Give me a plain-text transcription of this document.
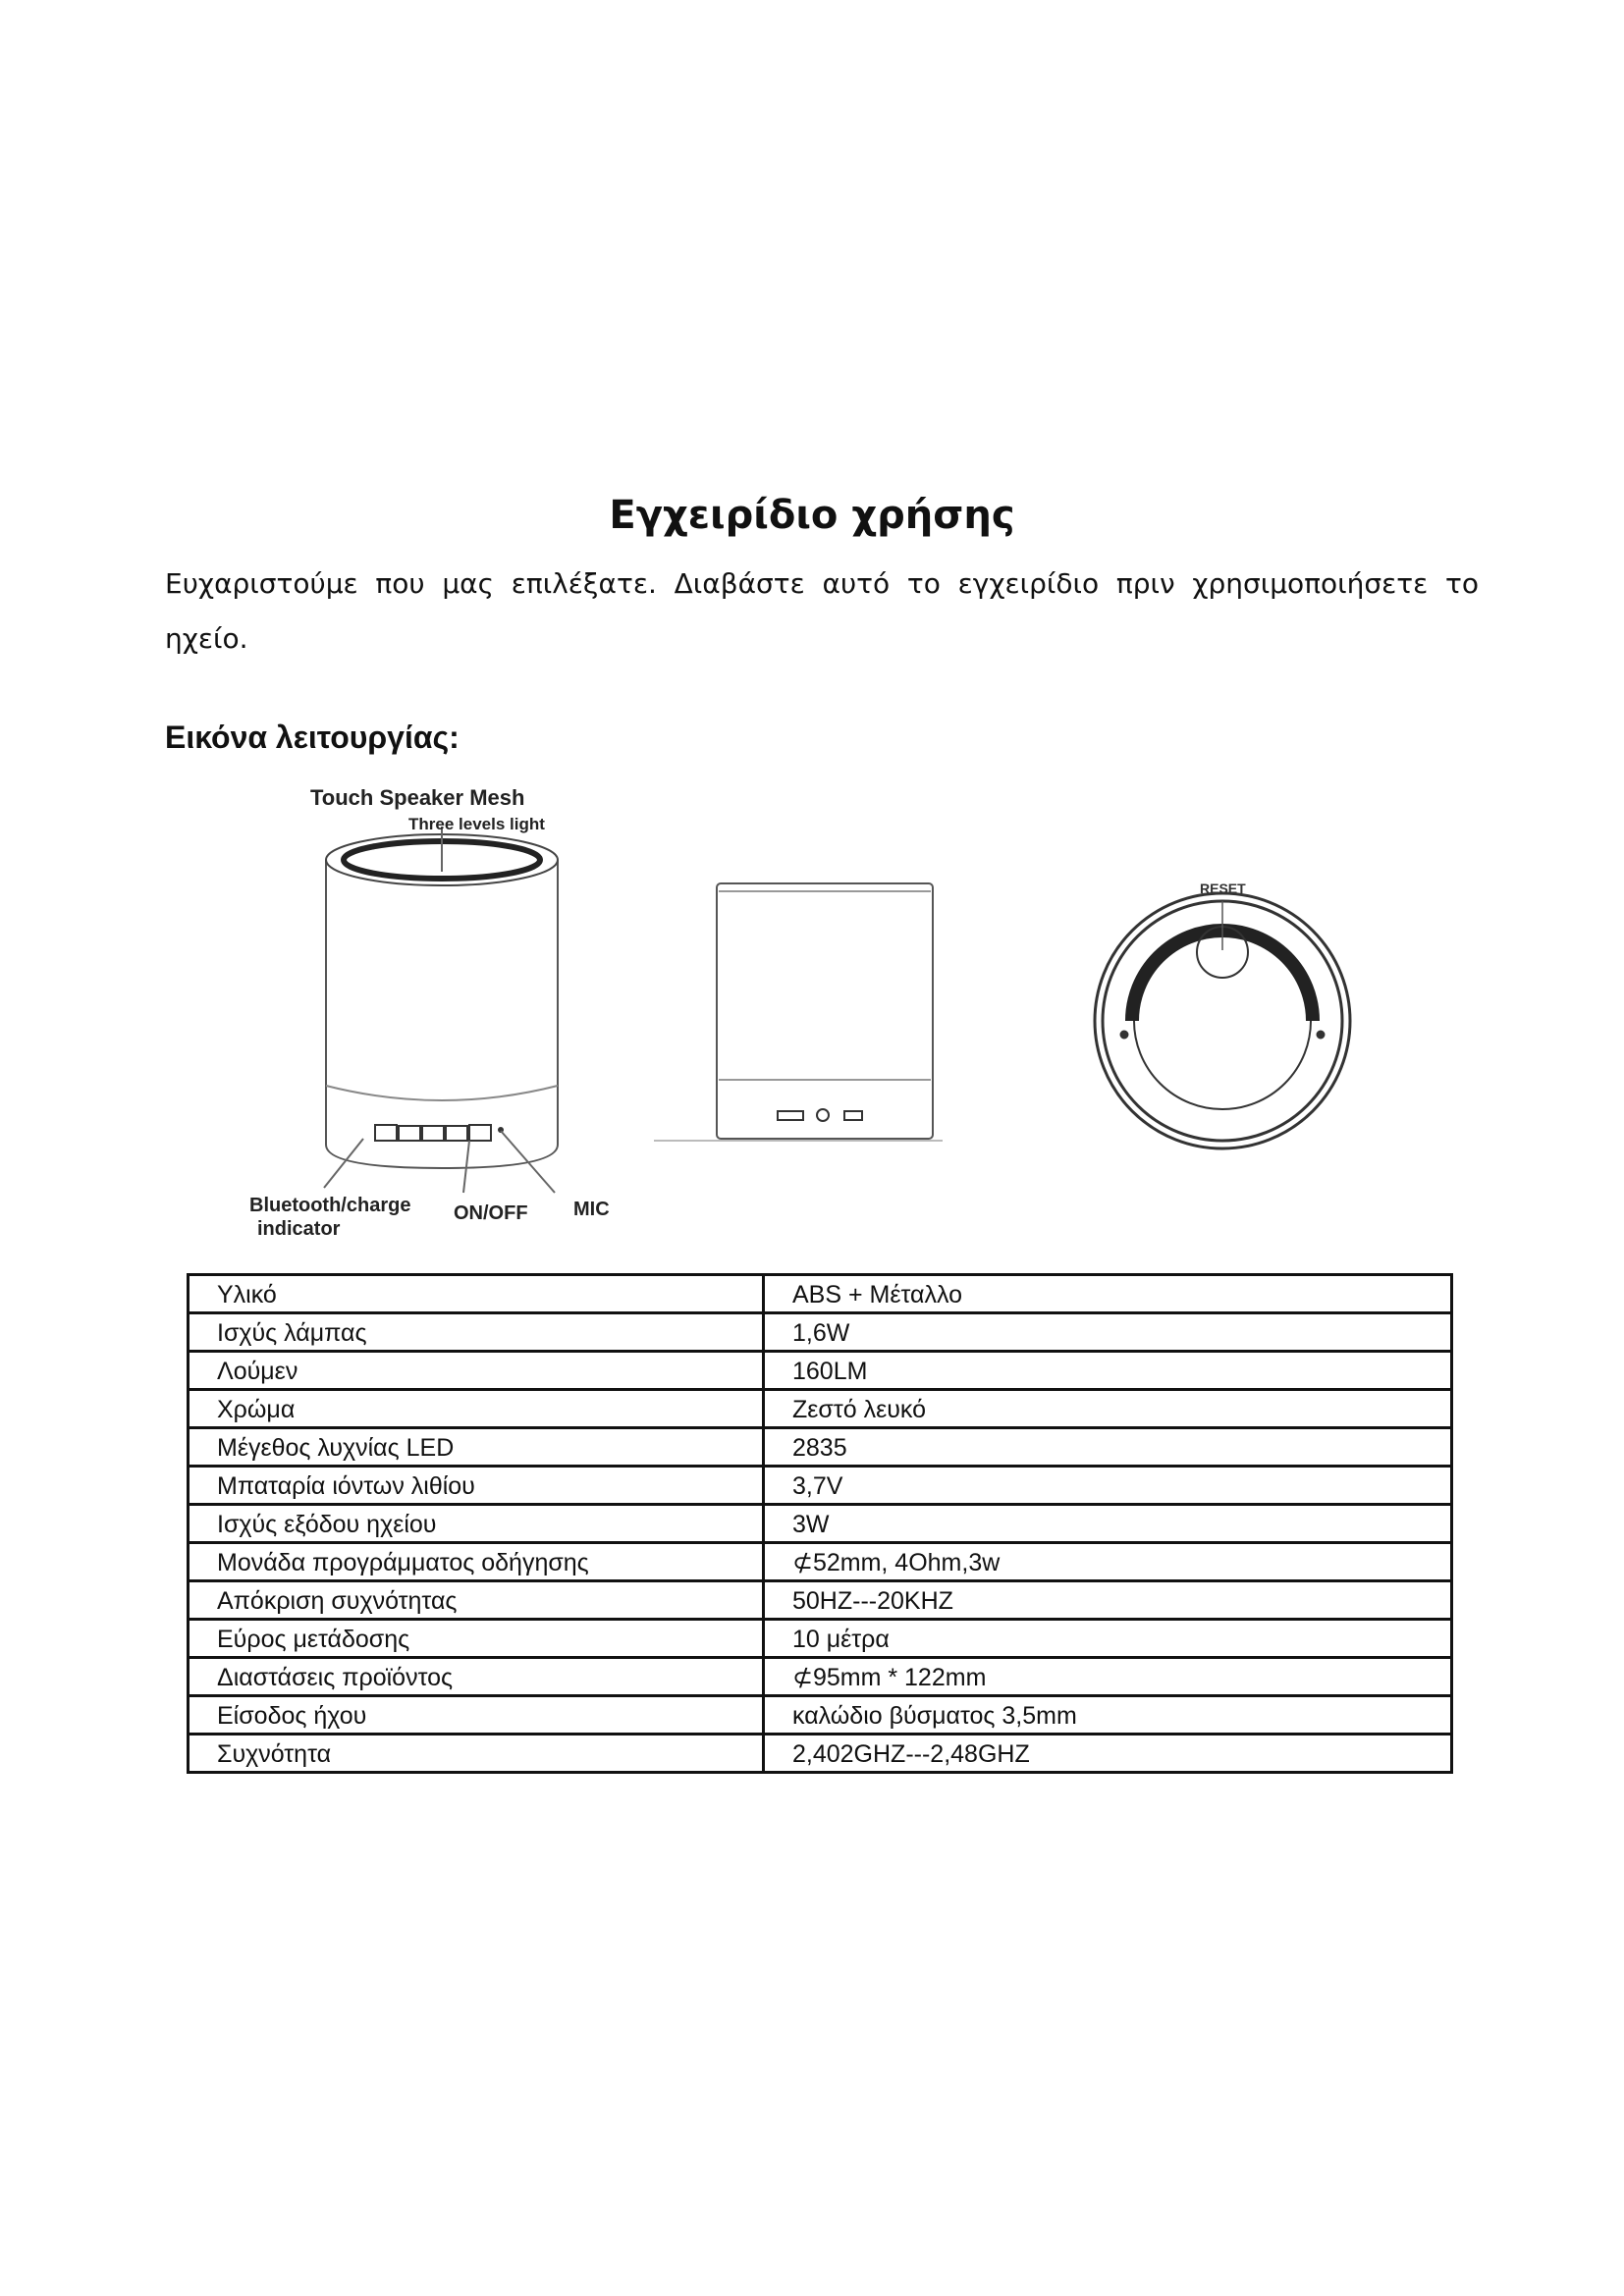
Εγχειρίδιο χρήσης

Ευχαριστούμε που μας επιλέξατε. Διαβάστε αυτό το εγχειρίδιο πριν χρησιμοποιήσετε το ηχείο.

Εικόνα λειτουργίας:
Touch Speaker Mesh
Three levels light
Bluetooth/charge
indicator
ON/OFF MIC
RESET
Υλικό	ABS + Μέταλλο
Ισχύς λάμπας	1,6W
Λούμεν	160LM
Χρώμα	Ζεστό λευκό
Μέγεθος λυχνίας LED	2835
Μπαταρία ιόντων λιθίου	3,7V
Ισχύς εξόδου ηχείου	3W
Μονάδα προγράμματος οδήγησης	⊄52mm, 4Ohm,3w
Απόκριση συχνότητας	50HZ---20KHZ
Εύρος μετάδοσης	10 μέτρα
Διαστάσεις προϊόντος	⊄95mm * 122mm
Είσοδος ήχου	καλώδιο βύσματος 3,5mm
Συχνότητα	2,402GHZ---2,48GHZ
